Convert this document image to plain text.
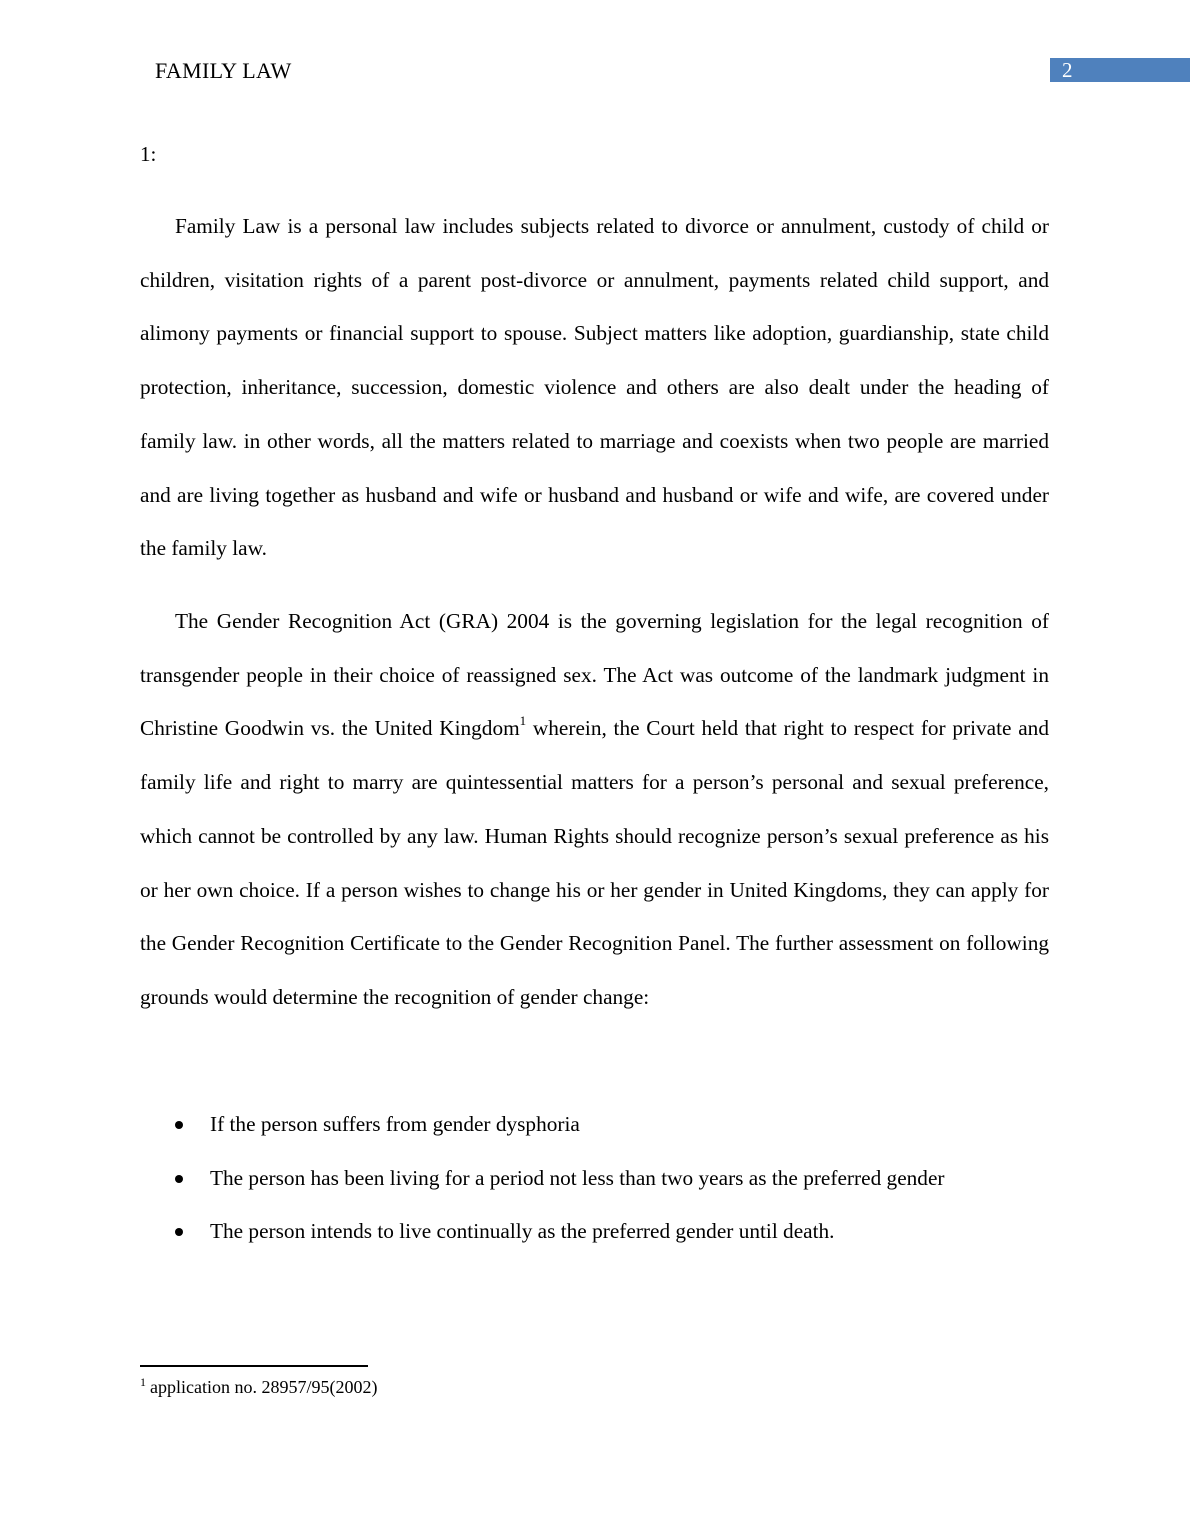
FAMILY LAW	2
1:

Family Law is a personal law includes subjects related to divorce or annulment, custody of child or children, visitation rights of a parent post-divorce or annulment, payments related child support, and alimony payments or financial support to spouse. Subject matters like adoption, guardianship, state child protection, inheritance, succession, domestic violence and others are also dealt under the heading of family law. in other words, all the matters related to marriage and coexists when two people are married and are living together as husband and wife or husband and husband or wife and wife, are covered under the family law.

The Gender Recognition Act (GRA) 2004 is the governing legislation for the legal recognition of transgender people in their choice of reassigned sex. The Act was outcome of the landmark judgment in Christine Goodwin vs. the United Kingdom$^1$ wherein, the Court held that right to respect for private and family life and right to marry are quintessential matters for a person’s personal and sexual preference, which cannot be controlled by any law. Human Rights should recognize person’s sexual preference as his or her own choice. If a person wishes to change his or her gender in United Kingdoms, they can apply for the Gender Recognition Certificate to the Gender Recognition Panel. The further assessment on following grounds would determine the recognition of gender change:

If the person suffers from gender dysphoria
The person has been living for a period not less than two years as the preferred gender
The person intends to live continually as the preferred gender until death.
$^1$ application no. 28957/95(2002)
